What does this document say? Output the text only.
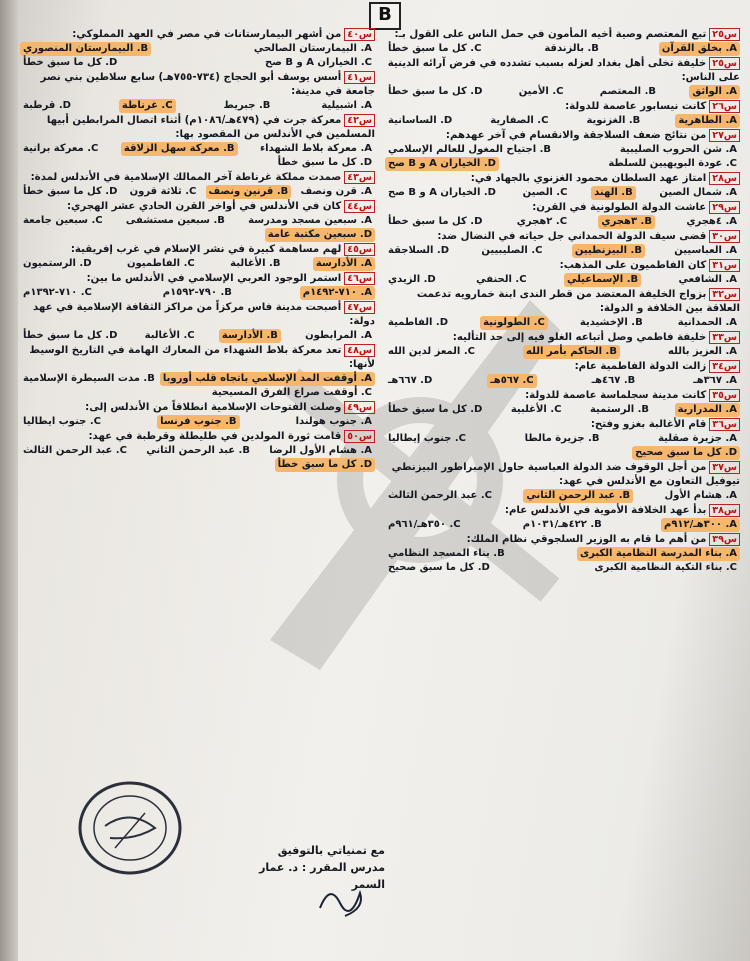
B

س٢٥تبع المعتصم وصية أخيه المأمون في حمل الناس على القول بـ:

A. بخلق القرآن
B. بالزندقة
C. كل ما سبق خطأ

س٢٥خليفة تخلى أهل بغداد لعزله بسبب تشدده في فرض آرائه الدينية على الناس:

A. الواثق
B. المعتصم
C. الأمين
D. كل ما سبق خطأ

س٢٦كانت نيسابور عاصمة للدولة:

A. الطاهرية
B. الغزنوية
C. الصفارية
D. الساسانية

س٢٧من نتائج ضعف السلاجقة والانقسام في آخر عهدهم:

A. شن الحروب الصليبية
B. اجتياح المغول للعالم الإسلامي
C. عودة البويهيين للسلطة
D. الخياران A و B صح

س٢٨امتاز عهد السلطان محمود الغزنوي بالجهاد في:

A. شمال الصين
B. الهند
C. الصين
D. الخياران A و B صح

س٢٩عاشت الدولة الطولونية في القرن:

A. ٤هجري
B. ٣هجري
C. ٢هجري
D. كل ما سبق خطأ

س٣٠قضى سيف الدولة الحمداني جل حياته في النضال ضد:

A. العباسيين
B. البيزنطيين
C. الصليبيين
D. السلاجقة

س٣١كان الفاطميون على المذهب:

A. الشافعي
B. الإسماعيلي
C. الحنفي
D. الزيدي

س٣٢بزواج الخليفة المعتضد من قطر الندى ابنة خمارويه تدعمت العلاقة بين الخلافة و الدولة:

A. الحمدانية
B. الإخشيدية
C. الطولونية
D. الفاطمية

س٣٣خليفة فاطمي وصل أتباعه الغلو فيه إلى حد التأليه:

A. العزيز بالله
B. الحاكم بأمر الله
C. المعز لدين الله

س٣٤زالت الدولة الفاطمية عام:

A. ٣٦٧هـ
B. ٤٦٧هـ
C. ٥٦٧هـ
D. ٦٦٧هـ

س٣٥كانت مدينة سجلماسة عاصمة للدولة:

A. المدرارية
B. الرستمية
C. الأغلبية
D. كل ما سبق خطأ

س٣٦قام الأغالبة بغزو وفتح:

A. جزيرة صقلية
B. جزيرة مالطا
C. جنوب إيطاليا
D. كل ما سبق صحيح

س٣٧من أجل الوقوف ضد الدولة العباسية حاول الإمبراطور البيزنطي تيوفيل التعاون مع الأندلس في عهد:

A. هشام الأول
B. عبد الرحمن الثاني
C. عبد الرحمن الثالث

س٣٨بدأ عهد الخلافة الأموية في الأندلس عام:

A. ٣٠٠هـ/٩١٢م
B. ٤٢٢هـ/١٠٣١م
C. ٣٥٠هـ/٩٦١م

س٣٩من أهم ما قام به الوزير السلجوقي نظام الملك:

A. بناء المدرسة النظامية الكبرى
B. بناء المسجد النظامي
C. بناء التكية النظامية الكبرى
D. كل ما سبق صحيح

س٤٠من أشهر البيمارستانات في مصر في العهد المملوكي:

A. البيمارستان الصالحي
B. البيمارستان المنصوري
C. الخياران A و B صح
D. كل ما سبق خطأ

س٤١أسس يوسف أبو الحجاج (٧٣٤-٧٥٥هـ) سابع سلاطين بني نصر جامعة في مدينة:

A. اشبيلية
B. جبريط
C. غرناطة
D. قرطبة

س٤٢معركة جرت في (٤٧٩هـ/١٠٨٦م) أثناء اتصال المرابطين أبيها المسلمين في الأندلس من المقصود بها:

A. معركة بلاط الشهداء
B. معركة سهل الزلاقة
C. معركة برانية
D. كل ما سبق خطأ

س٤٣صمدت مملكة غرناطة آخر الممالك الإسلامية في الأندلس لمدة:

A. قرن ونصف
B. قرنين ونصف
C. ثلاثة قرون
D. كل ما سبق خطأ

س٤٤كان في الأندلس في أواخر القرن الحادي عشر الهجري:

A. سبعين مسجد ومدرسة
B. سبعين مستشفى
C. سبعين جامعة
D. سبعين مكتبة عامة

س٤٥لهم مساهمة كبيرة في نشر الإسلام في غرب إفريقية:

A. الأدارسة
B. الأغالبة
C. الفاطميون
D. الرستميون

س٤٦استمر الوجود العربي الإسلامي في الأندلس ما بين:

A. ٧١٠-١٤٩٢م
B. ٧٩٠-١٥٩٢م
C. ٧١٠-١٣٩٢م

س٤٧أصبحت مدينة فاس مركزاً من مراكز الثقافة الإسلامية في عهد دولة:

A. المرابطون
B. الأدارسة
C. الأغالبة
D. كل ما سبق خطأ

س٤٨تعد معركة بلاط الشهداء من المعارك الهامة في التاريخ الوسيط لأنها:

A. أوقفت المد الإسلامي باتجاه قلب أوروبا
B. مدت السيطرة الإسلامية
C. أوقفت صراع الفرق المسيحية

س٤٩وصلت الفتوحات الإسلامية انطلاقاً من الأندلس إلى:

A. جنوب هولندا
B. جنوب فرنسا
C. جنوب ايطاليا

س٥٠قامت ثورة المولدين في طليطلة وقرطبة في عهد:

A. هشام الأول الرضا
B. عبد الرحمن الثاني
C. عبد الرحمن الثالث
D. كل ما سبق خطأ
مع تمنياتي بالتوفيق
مدرس المقرر : د. عمار السمر
